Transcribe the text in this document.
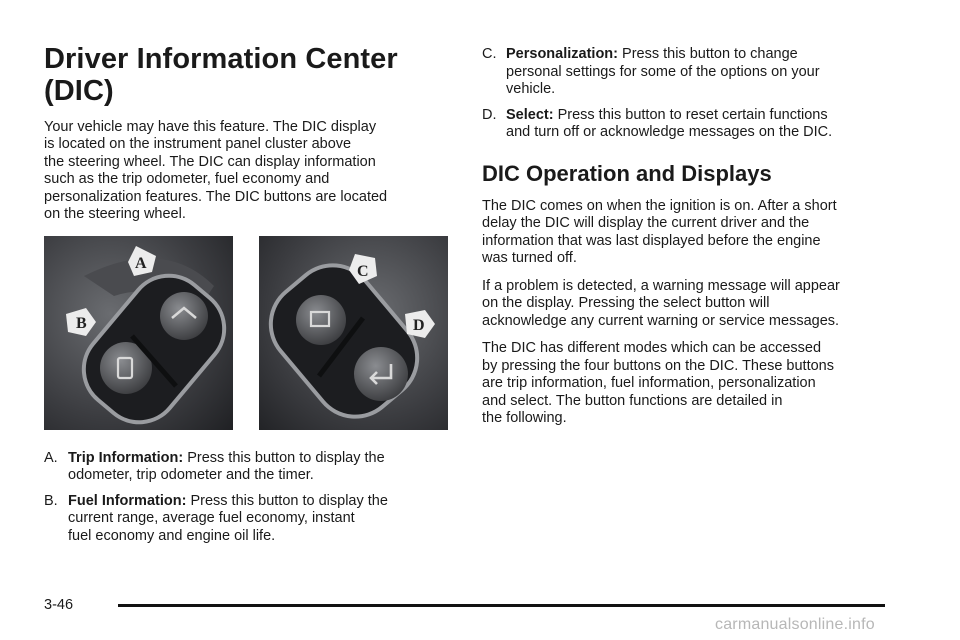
Driver Information Center (DIC)

Your vehicle may have this feature. The DIC display
is located on the instrument panel cluster above
the steering wheel. The DIC can display information
such as the trip odometer, fuel economy and
personalization features. The DIC buttons are located
on the steering wheel.

A
B
C
D
A. Trip Information: Press this button to display the
odometer, trip odometer and the timer.
B. Fuel Information: Press this button to display the
current range, average fuel economy, instant
fuel economy and engine oil life.
C. Personalization: Press this button to change
personal settings for some of the options on your
vehicle.
D. Select: Press this button to reset certain functions
and turn off or acknowledge messages on the DIC.
DIC Operation and Displays

The DIC comes on when the ignition is on. After a short
delay the DIC will display the current driver and the
information that was last displayed before the engine
was turned off.

If a problem is detected, a warning message will appear
on the display. Pressing the select button will
acknowledge any current warning or service messages.

The DIC has different modes which can be accessed
by pressing the four buttons on the DIC. These buttons
are trip information, fuel information, personalization
and select. The button functions are detailed in
the following.

3-46
carmanualsonline.info
